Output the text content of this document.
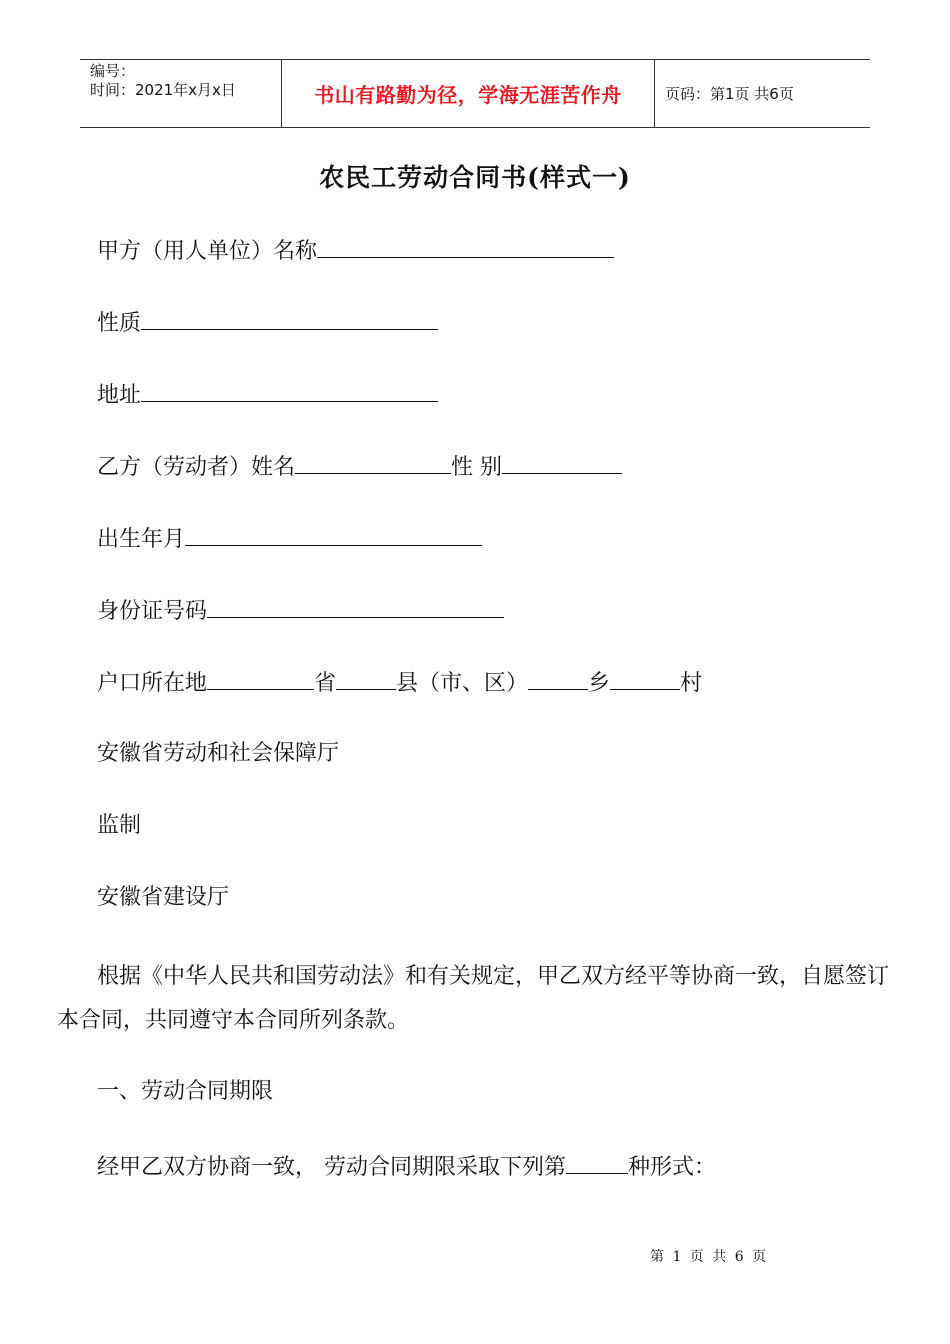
编号：
时间：2021年x月x日	书山有路勤为径，学海无涯苦作舟	页码：第1页 共6页
农民工劳动合同书(样式一)
甲方（用人单位）名称
性质
地址
乙方（劳动者）姓名	性 别
出生年月
身份证号码
户口所在地	省	县（市、区）	乡	村
安徽省劳动和社会保障厅
监制
安徽省建设厅
根据《中华人民共和国劳动法》和有关规定，甲乙双方经平等协商一致，自愿签订本合同，共同遵守本合同所列条款。
一、劳动合同期限
经甲乙双方协商一致， 劳动合同期限采取下列第	种形式：
第 1 页 共 6 页
